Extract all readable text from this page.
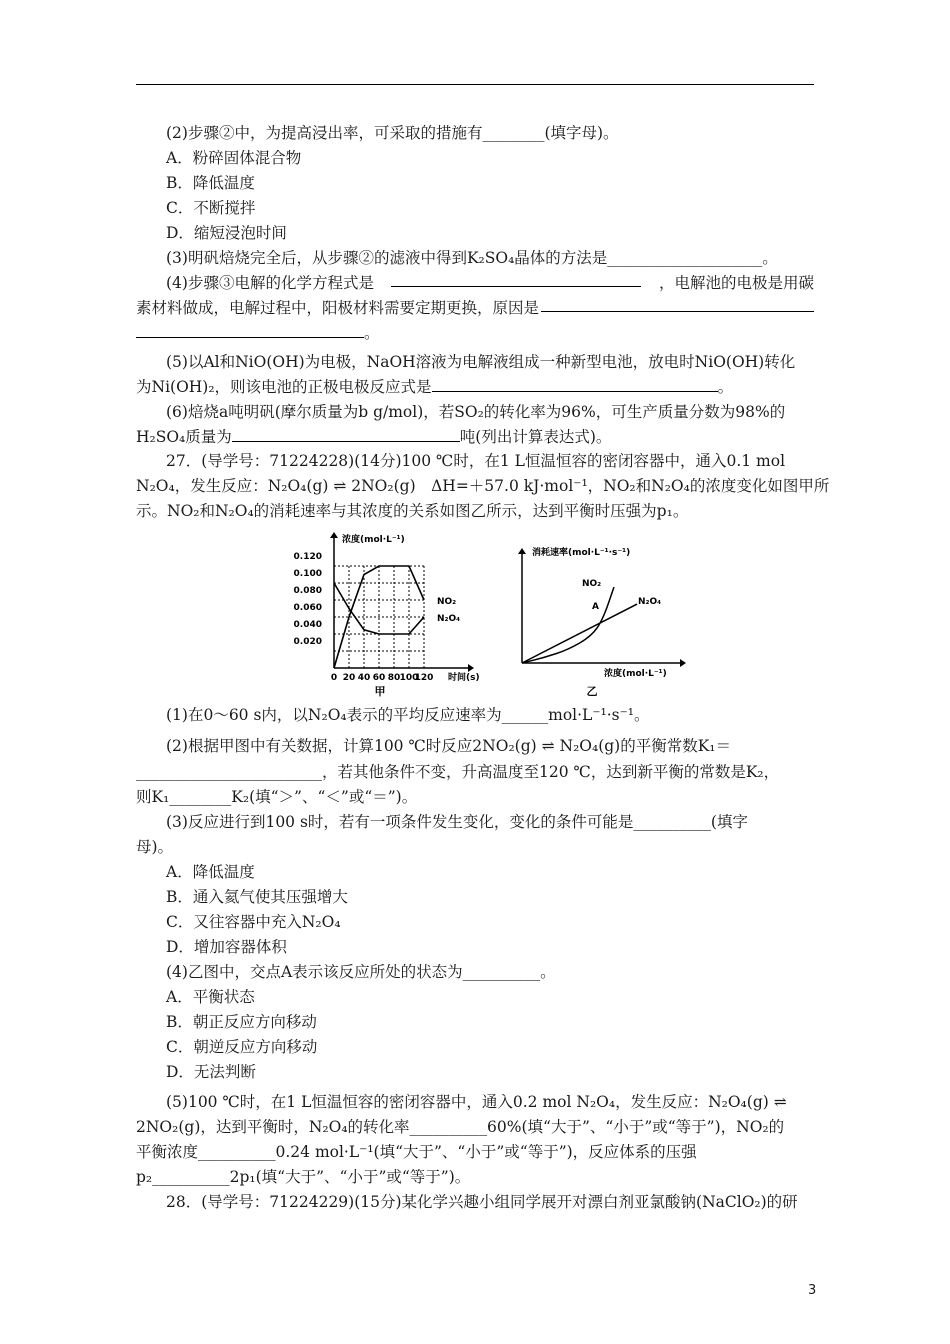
(2)步骤②中，为提高浸出率，可采取的措施有________(填字母)。
A．粉碎固体混合物
B．降低温度
C．不断搅拌
D．缩短浸泡时间
(3)明矾焙烧完全后，从步骤②的滤液中得到K₂SO₄晶体的方法是____________________。
(4)步骤③电解的化学方程式是	，电解池的电极是用碳
素材料做成，电解过程中，阳极材料需要定期更换，原因是
。
(5)以Al和NiO(OH)为电极，NaOH溶液为电解液组成一种新型电池，放电时NiO(OH)转化
为Ni(OH)₂，则该电池的正极电极反应式是	。
(6)焙烧a吨明矾(摩尔质量为b g/mol)，若SO₂的转化率为96%，可生产质量分数为98%的
H₂SO₄质量为	吨(列出计算表达式)。
27．(导学号：71224228)(14分)100 ℃时，在1 L恒温恒容的密闭容器中，通入0.1 mol
N₂O₄，发生反应：N₂O₄(g) ⇌ 2NO₂(g)　ΔH=＋57.0 kJ·mol⁻¹，NO₂和N₂O₄的浓度变化如图甲所
示。NO₂和N₂O₄的消耗速率与其浓度的关系如图乙所示，达到平衡时压强为p₁。
浓度(mol·L⁻¹)
时间(s)
0.120
0.100
0.080
0.060
0.040
0.020
0 20 40 60 80 100
120
NO₂
N₂O₄
甲
消耗速率(mol·L⁻¹·s⁻¹)
浓度(mol·L⁻¹)
NO₂
N₂O₄
A
乙
(1)在0～60 s内，以N₂O₄表示的平均反应速率为______mol·L⁻¹·s⁻¹。
(2)根据甲图中有关数据，计算100 ℃时反应2NO₂(g) ⇌ N₂O₄(g)的平衡常数K₁＝
________________________，若其他条件不变，升高温度至120 ℃，达到新平衡的常数是K₂，
则K₁________K₂(填“＞”、“＜”或“＝”)。
(3)反应进行到100 s时，若有一项条件发生变化，变化的条件可能是__________(填字
母)。
A．降低温度
B．通入氦气使其压强增大
C．又往容器中充入N₂O₄
D．增加容器体积
(4)乙图中，交点A表示该反应所处的状态为__________。
A．平衡状态
B．朝正反应方向移动
C．朝逆反应方向移动
D．无法判断
(5)100 ℃时，在1 L恒温恒容的密闭容器中，通入0.2 mol N₂O₄，发生反应：N₂O₄(g) ⇌
2NO₂(g)，达到平衡时，N₂O₄的转化率__________60%(填“大于”、“小于”或“等于”)，NO₂的
平衡浓度__________0.24 mol·L⁻¹(填“大于”、“小于”或“等于”)，反应体系的压强
p₂__________2p₁(填“大于”、“小于”或“等于”)。
28．(导学号：71224229)(15分)某化学兴趣小组同学展开对漂白剂亚氯酸钠(NaClO₂)的研
3
